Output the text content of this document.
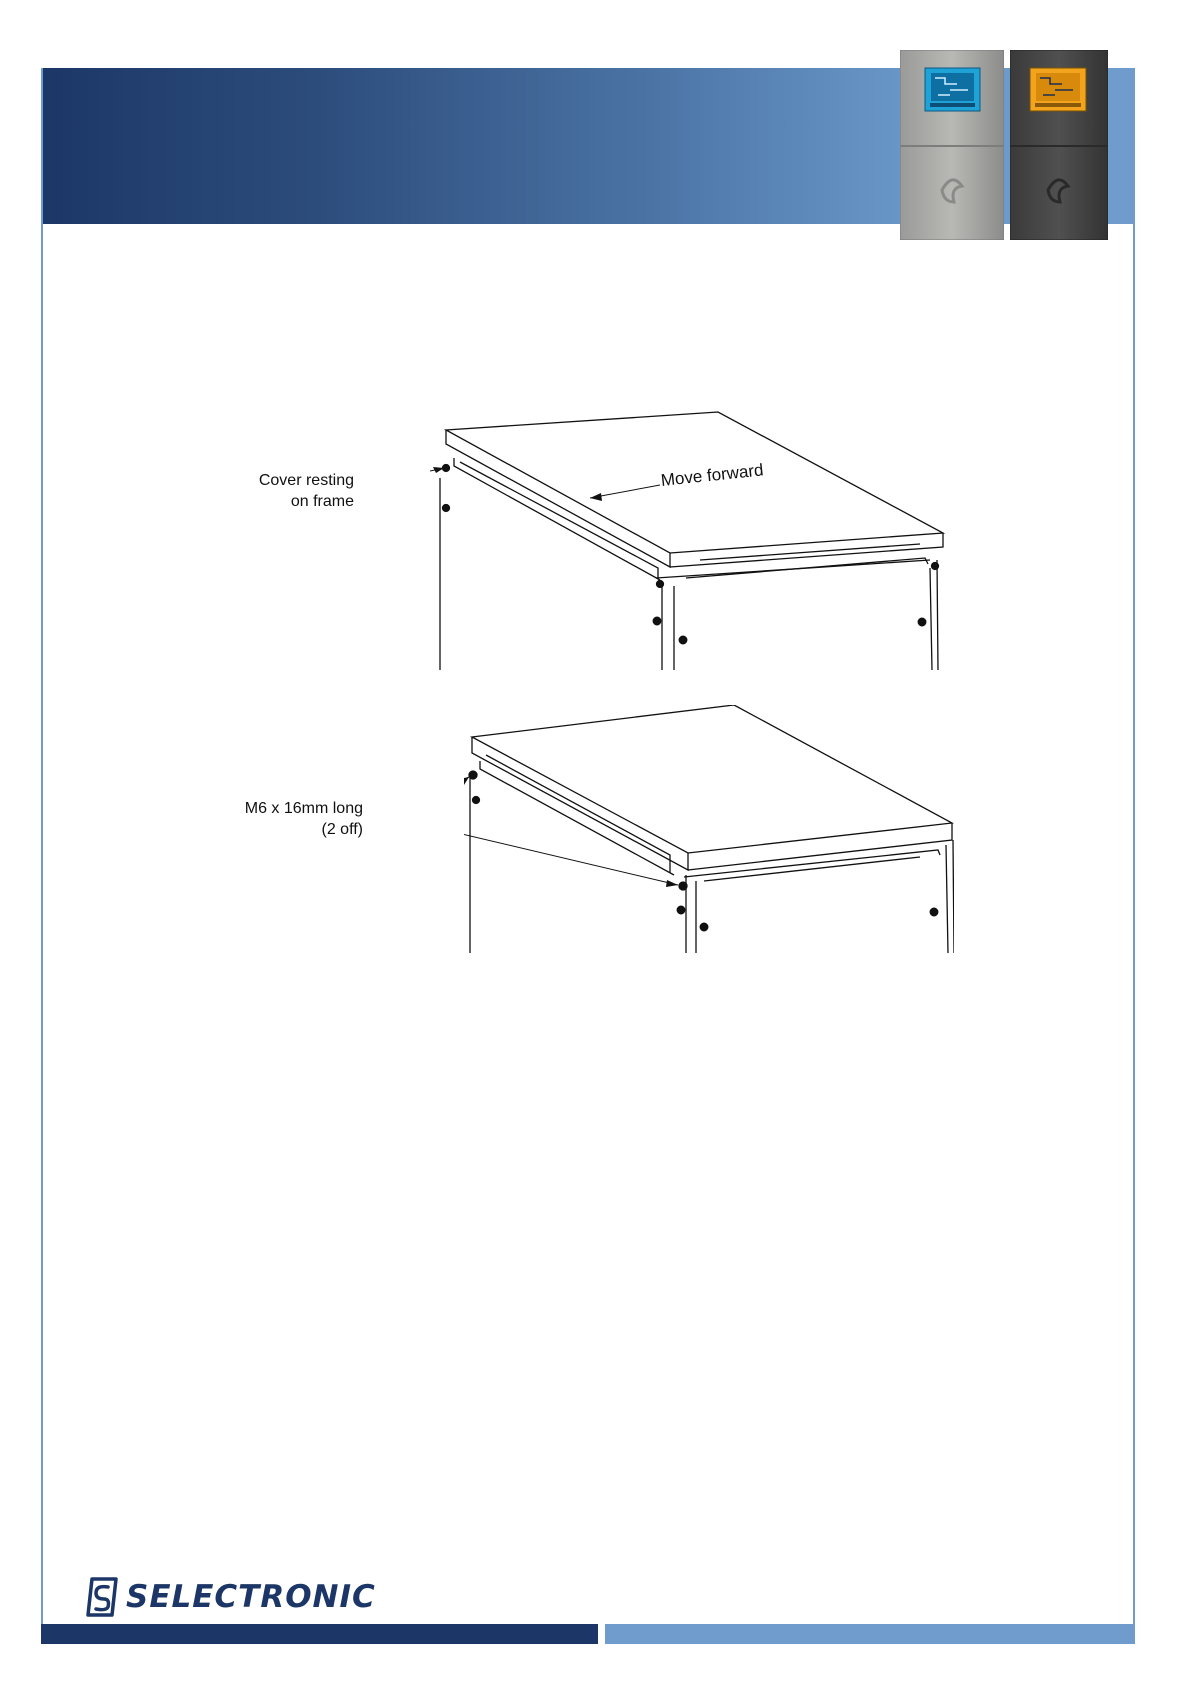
Cover resting
on frame
Move forward
M6 x 16mm long
(2 off)
SELECTRONIC
